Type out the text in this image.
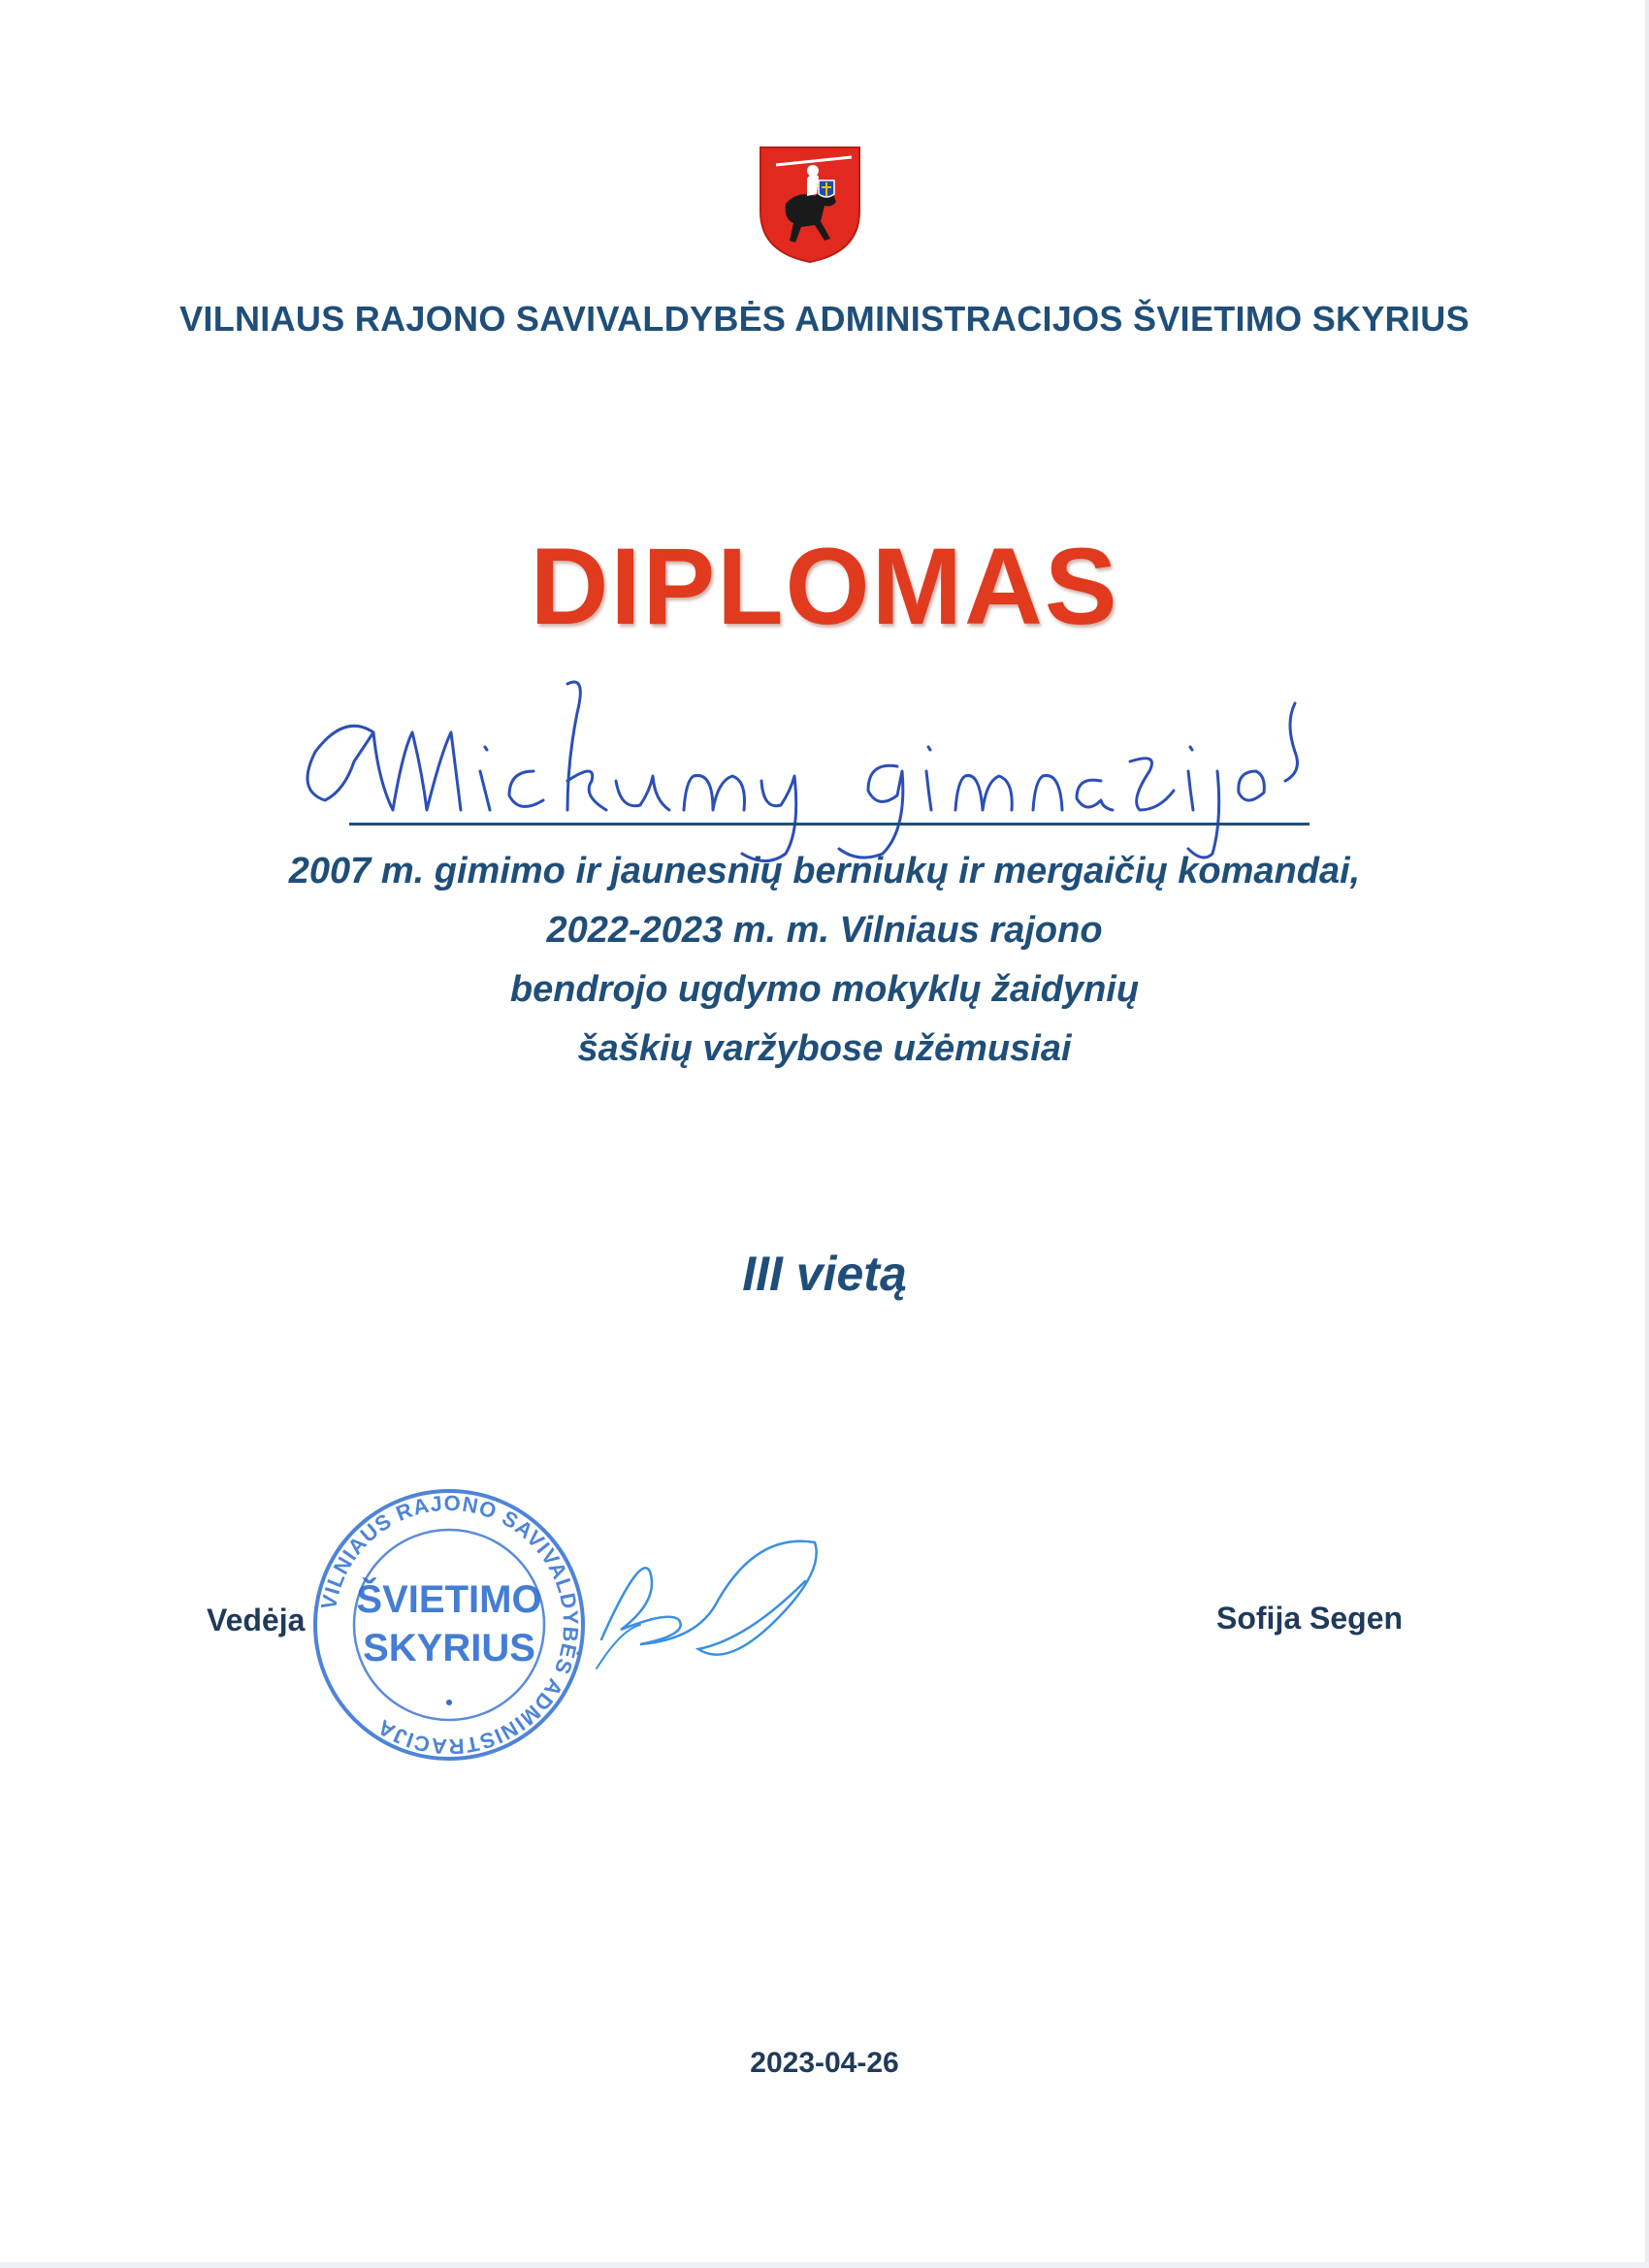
VILNIAUS RAJONO SAVIVALDYBĖS ADMINISTRACIJOS ŠVIETIMO SKYRIUS
DIPLOMAS
2007 m. gimimo ir jaunesnių berniukų ir mergaičių komandai,
2022-2023 m. m. Vilniaus rajono
bendrojo ugdymo mokyklų žaidynių
šaškių varžybose užėmusiai
III vietą
Vedėja
VILNIAUS RAJONO SAVIVALDYBĖS ADMINISTRACIJA
ŠVIETIMO
SKYRIUS
Sofija Segen
2023-04-26
